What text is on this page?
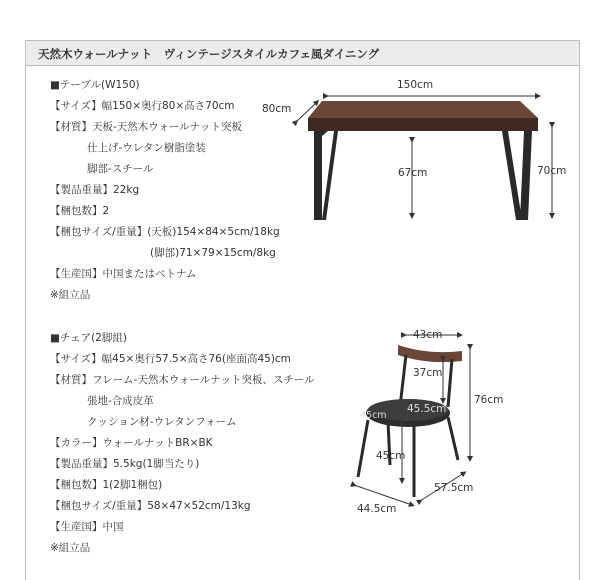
天然木ウォールナット　ヴィンテージスタイルカフェ風ダイニング
■テーブル(W150)
【サイズ】幅150×奥行80×高さ70cm
【材質】天板-天然木ウォールナット突板
仕上げ-ウレタン樹脂塗装
脚部-スチール
【製品重量】22kg
【梱包数】2
【梱包サイズ/重量】(天板)154×84×5cm/18kg
(脚部)71×79×15cm/8kg
【生産国】中国またはベトナム
※組立品
■チェア(2脚組)
【サイズ】幅45×奥行57.5×高さ76(座面高45)cm
【材質】フレーム-天然木ウォールナット突板、スチール
張地-合成皮革
クッション材-ウレタンフォーム
【カラー】ウォールナットBR×BK
【製品重量】5.5kg(1脚当たり)
【梱包数】1(2脚1梱包)
【梱包サイズ/重量】58×47×52cm/13kg
【生産国】中国
※組立品
150cm
80cm
67cm	70cm
43cm
37cm
76cm
45cm
45.5cm
45cm
57.5cm
44.5cm
